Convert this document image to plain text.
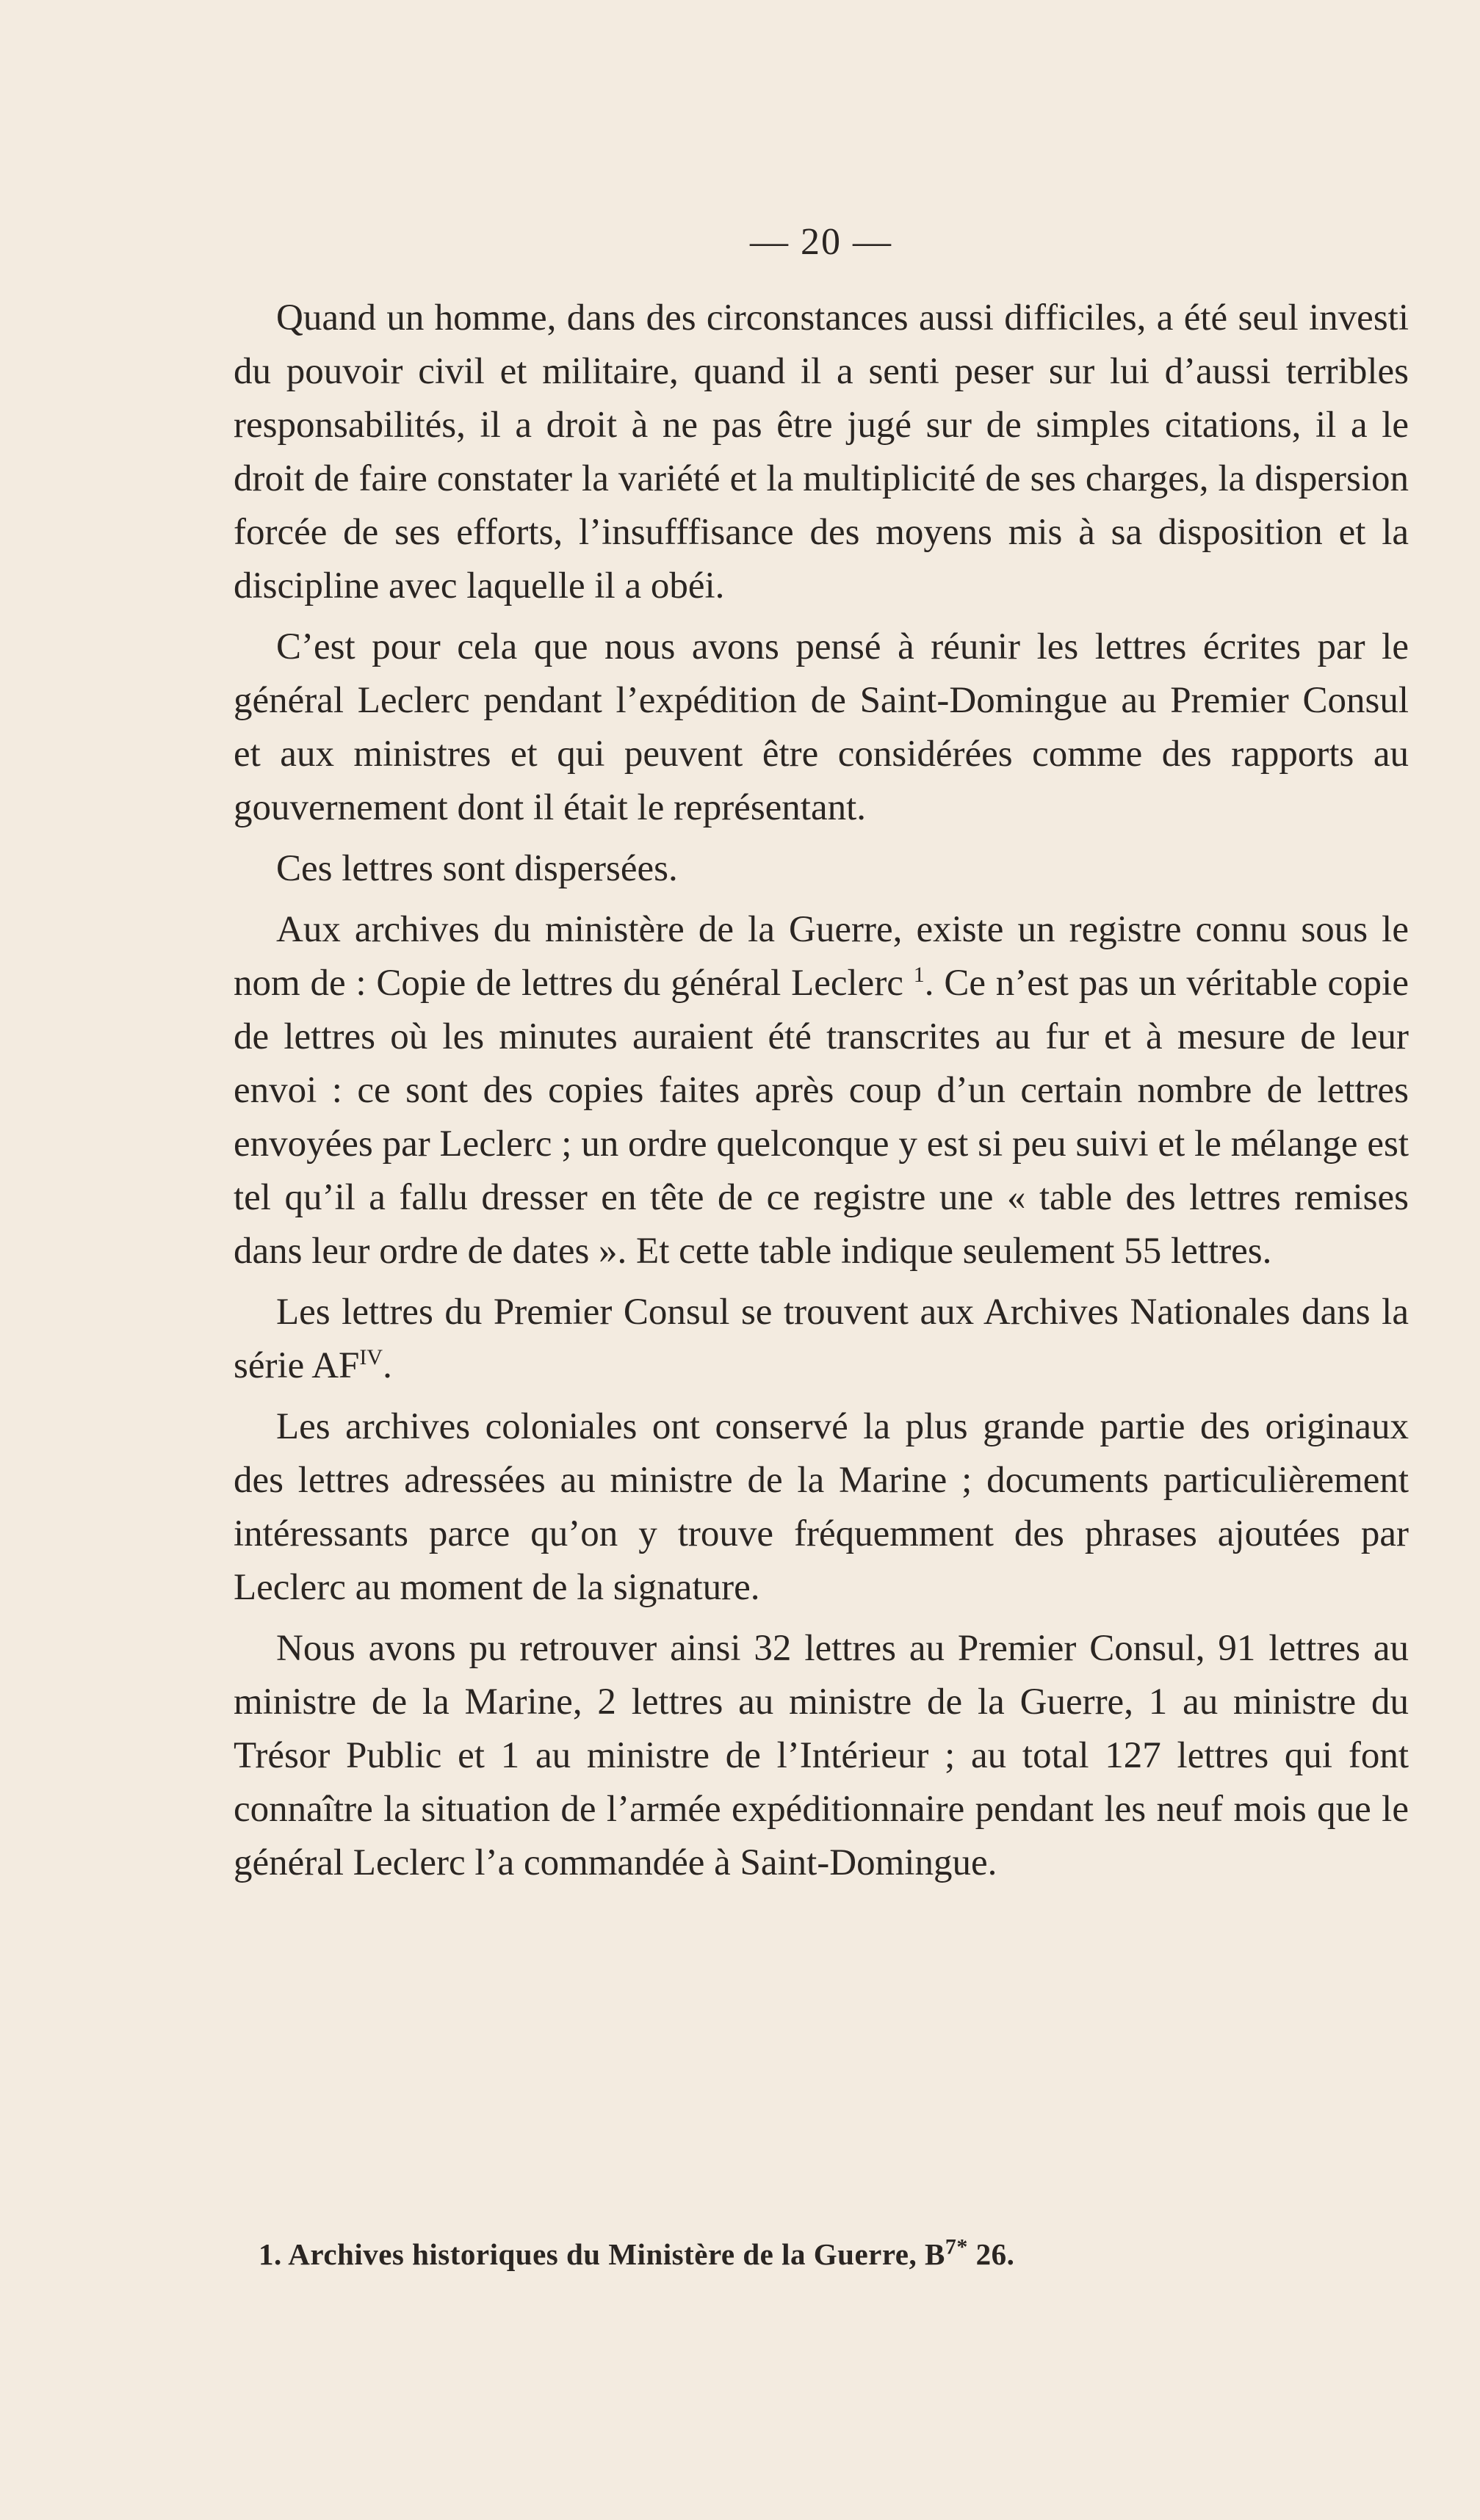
— 20 —

Quand un homme, dans des circonstances aussi difficiles, a été seul investi du pouvoir civil et militaire, quand il a senti peser sur lui d’aussi terribles responsabilités, il a droit à ne pas être jugé sur de simples citations, il a le droit de faire constater la variété et la multiplicité de ses charges, la dispersion forcée de ses efforts, l’insufffisance des moyens mis à sa disposition et la discipline avec laquelle il a obéi.

C’est pour cela que nous avons pensé à réunir les lettres écrites par le général Leclerc pendant l’expédition de Saint-Domingue au Premier Consul et aux ministres et qui peuvent être considérées comme des rapports au gouvernement dont il était le représentant.

Ces lettres sont dispersées.

Aux archives du ministère de la Guerre, existe un registre connu sous le nom de : Copie de lettres du général Leclerc $^1$. Ce n’est pas un véritable copie de lettres où les minutes auraient été transcrites au fur et à mesure de leur envoi : ce sont des copies faites après coup d’un certain nombre de lettres envoyées par Leclerc ; un ordre quelconque y est si peu suivi et le mélange est tel qu’il a fallu dresser en tête de ce registre une « table des lettres remises dans leur ordre de dates ». Et cette table indique seulement 55 lettres.

Les lettres du Premier Consul se trouvent aux Archives Nationales dans la série $AF^{IV}$.

Les archives coloniales ont conservé la plus grande partie des originaux des lettres adressées au ministre de la Marine ; documents particulièrement intéressants parce qu’on y trouve fréquemment des phrases ajoutées par Leclerc au moment de la signature.

Nous avons pu retrouver ainsi 32 lettres au Premier Consul, 91 lettres au ministre de la Marine, 2 lettres au ministre de la Guerre, 1 au ministre du Trésor Public et 1 au ministre de l’Intérieur ; au total 127 lettres qui font connaître la situation de l’armée expéditionnaire pendant les neuf mois que le général Leclerc l’a commandée à Saint-Domingue.

1. Archives historiques du Ministère de la Guerre, $B^{7*}$ 26.
